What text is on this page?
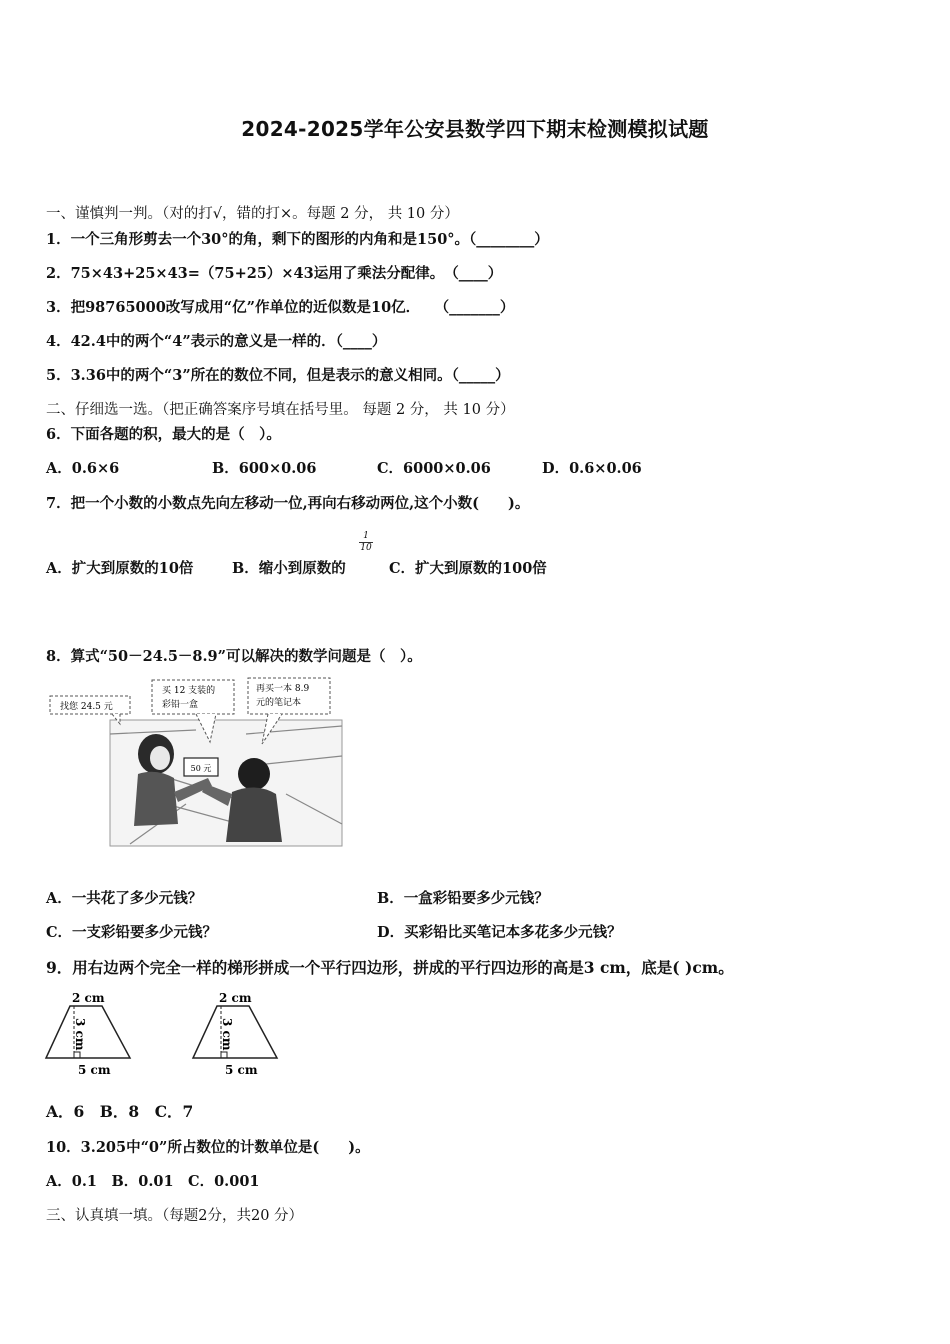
2024-2025学年公安县数学四下期末检测模拟试题
一、谨慎判一判。（对的打√，错的打×。每题 2 分， 共 10 分）
1．一个三角形剪去一个30°的角，剩下的图形的内角和是150°。（________）
2．75×43+25×43=（75+25）×43运用了乘法分配律。　（____）
3．把98765000改写成用“亿”作单位的近似数是10亿．　　（_______）
4．42.4中的两个“4”表示的意义是一样的．（____）
5．3.36中的两个“3”所在的数位不同，但是表示的意义相同。（_____）
二、仔细选一选。（把正确答案序号填在括号里。 每题 2 分， 共 10 分）
6．下面各题的积，最大的是（　）。
A．0.6×6	B．600×0.06	C．6000×0.06	D．0.6×0.06
7．把一个小数的小数点先向左移动一位,再向右移动两位,这个小数(　　)。
A．扩大到原数的10倍	B．缩小到原数的
$\frac{1}{10}$
C．扩大到原数的100倍
8．算式“50－24.5－8.9”可以解决的数学问题是（　）。
50 元
找您 24.5 元
买 12 支装的
彩铅一盒
再买一本 8.9
元的笔记本
A．一共花了多少元钱？	B．一盒彩铅要多少元钱？
C．一支彩铅要多少元钱？	D．买彩铅比买笔记本多花多少元钱？
9．用右边两个完全一样的梯形拼成一个平行四边形，拼成的平行四边形的高是3 cm，底是( )cm。
2 cm
3 cm
5 cm
2 cm
3 cm
5 cm
A．6　B．8　C．7
10．3.205中“0”所占数位的计数单位是(　　)。
A．0.1　B．0.01　C．0.001
三、认真填一填。（每题2分，共20 分）
